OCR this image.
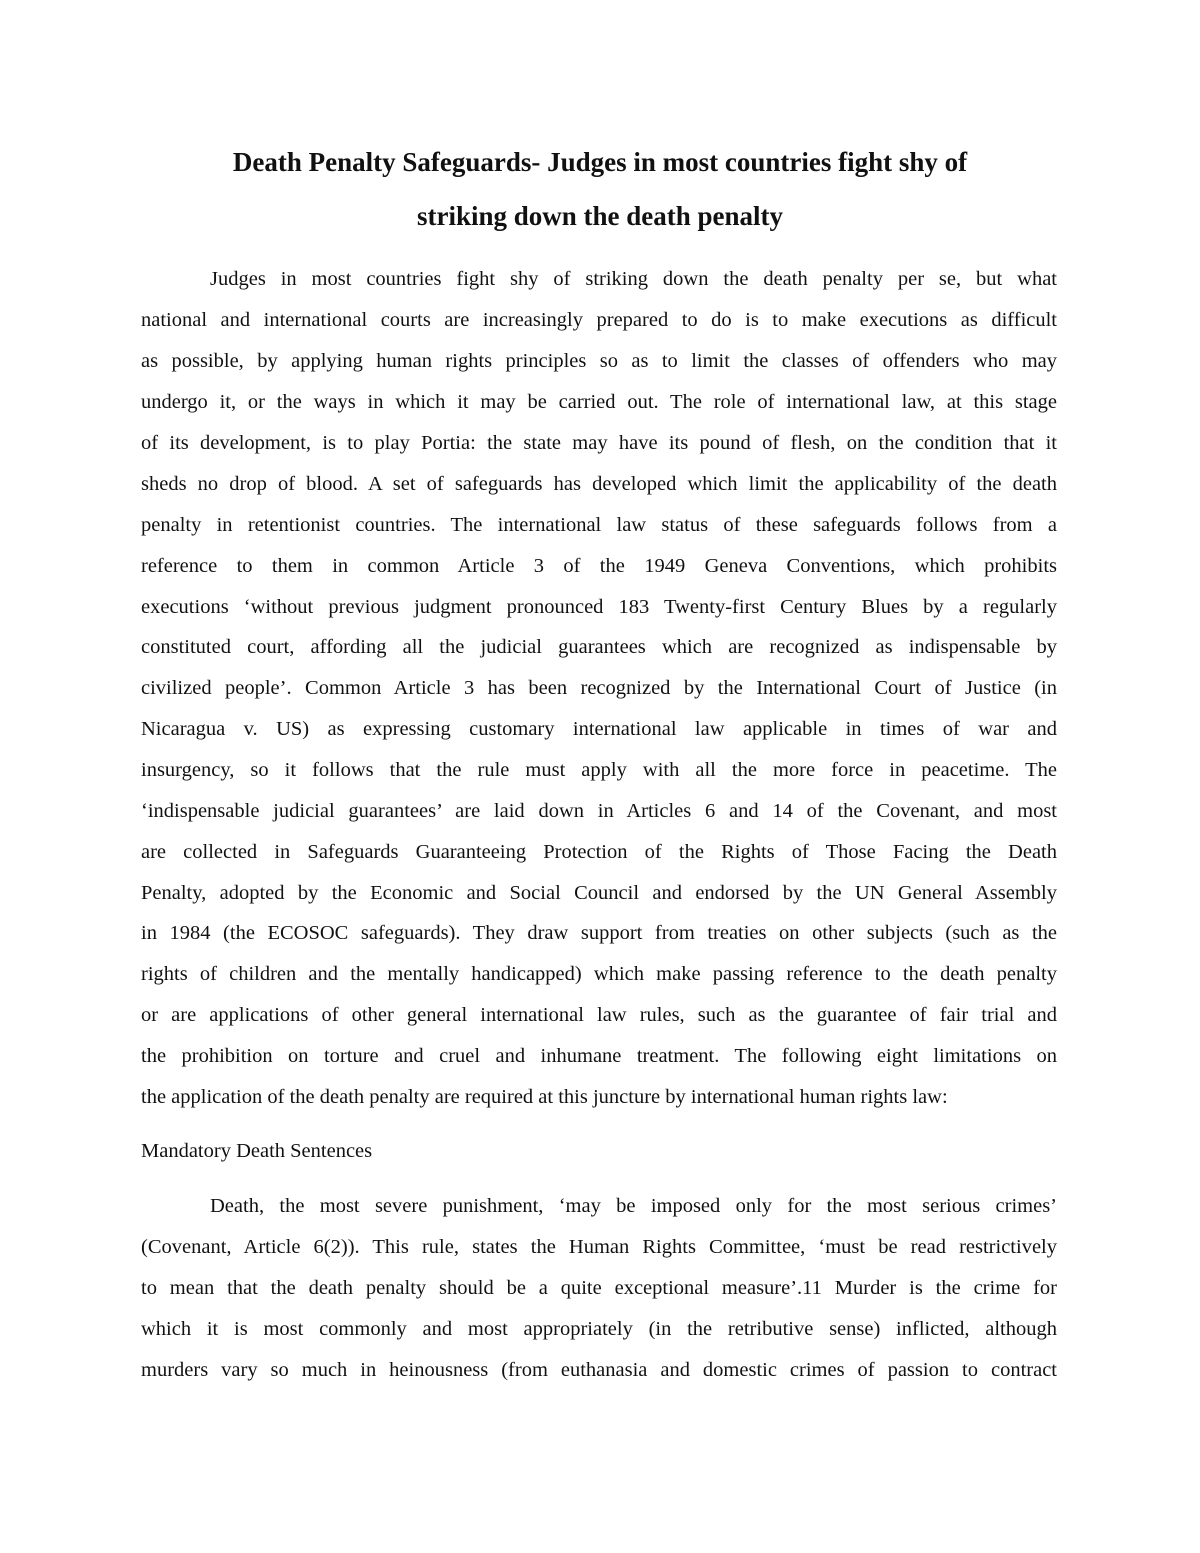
Death Penalty Safeguards- Judges in most countries fight shy of
striking down the death penalty
Judges in most countries fight shy of striking down the death penalty per se, but what
national and international courts are increasingly prepared to do is to make executions as difficult
as possible, by applying human rights principles so as to limit the classes of offenders who may
undergo it, or the ways in which it may be carried out. The role of international law, at this stage
of its development, is to play Portia: the state may have its pound of flesh, on the condition that it
sheds no drop of blood. A set of safeguards has developed which limit the applicability of the death
penalty in retentionist countries. The international law status of these safeguards follows from a
reference to them in common Article 3 of the 1949 Geneva Conventions, which prohibits
executions ‘without previous judgment pronounced 183 Twenty-first Century Blues by a regularly
constituted court, affording all the judicial guarantees which are recognized as indispensable by
civilized people’. Common Article 3 has been recognized by the International Court of Justice (in
Nicaragua v. US) as expressing customary international law applicable in times of war and
insurgency, so it follows that the rule must apply with all the more force in peacetime. The
‘indispensable judicial guarantees’ are laid down in Articles 6 and 14 of the Covenant, and most
are collected in Safeguards Guaranteeing Protection of the Rights of Those Facing the Death
Penalty, adopted by the Economic and Social Council and endorsed by the UN General Assembly
in 1984 (the ECOSOC safeguards). They draw support from treaties on other subjects (such as the
rights of children and the mentally handicapped) which make passing reference to the death penalty
or are applications of other general international law rules, such as the guarantee of fair trial and
the prohibition on torture and cruel and inhumane treatment. The following eight limitations on
the application of the death penalty are required at this juncture by international human rights law:
Mandatory Death Sentences
Death, the most severe punishment, ‘may be imposed only for the most serious crimes’
(Covenant, Article 6(2)). This rule, states the Human Rights Committee, ‘must be read restrictively
to mean that the death penalty should be a quite exceptional measure’.11 Murder is the crime for
which it is most commonly and most appropriately (in the retributive sense) inflicted, although
murders vary so much in heinousness (from euthanasia and domestic crimes of passion to contract
